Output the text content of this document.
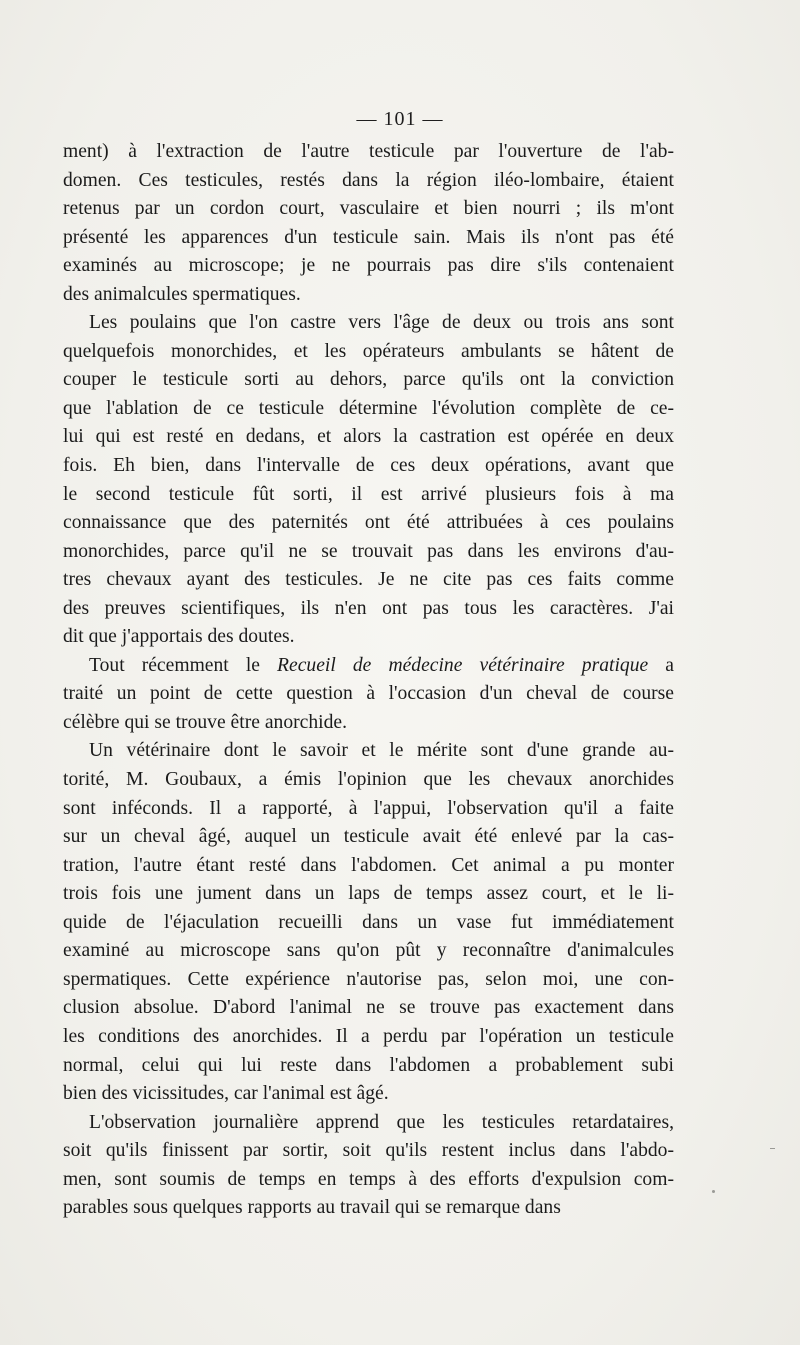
— 101 —

ment) à l'extraction de l'autre testicule par l'ouverture de l'ab-
domen. Ces testicules, restés dans la région iléo-lombaire, étaient
retenus par un cordon court, vasculaire et bien nourri ; ils m'ont
présenté les apparences d'un testicule sain. Mais ils n'ont pas été
examinés au microscope; je ne pourrais pas dire s'ils contenaient
des animalcules spermatiques.

Les poulains que l'on castre vers l'âge de deux ou trois ans sont
quelquefois monorchides, et les opérateurs ambulants se hâtent de
couper le testicule sorti au dehors, parce qu'ils ont la conviction
que l'ablation de ce testicule détermine l'évolution complète de ce-
lui qui est resté en dedans, et alors la castration est opérée en deux
fois. Eh bien, dans l'intervalle de ces deux opérations, avant que
le second testicule fût sorti, il est arrivé plusieurs fois à ma
connaissance que des paternités ont été attribuées à ces poulains
monorchides, parce qu'il ne se trouvait pas dans les environs d'au-
tres chevaux ayant des testicules. Je ne cite pas ces faits comme
des preuves scientifiques, ils n'en ont pas tous les caractères. J'ai
dit que j'apportais des doutes.

Tout récemment le Recueil de médecine vétérinaire pratique a
traité un point de cette question à l'occasion d'un cheval de course
célèbre qui se trouve être anorchide.

Un vétérinaire dont le savoir et le mérite sont d'une grande au-
torité, M. Goubaux, a émis l'opinion que les chevaux anorchides
sont inféconds. Il a rapporté, à l'appui, l'observation qu'il a faite
sur un cheval âgé, auquel un testicule avait été enlevé par la cas-
tration, l'autre étant resté dans l'abdomen. Cet animal a pu monter
trois fois une jument dans un laps de temps assez court, et le li-
quide de l'éjaculation recueilli dans un vase fut immédiatement
examiné au microscope sans qu'on pût y reconnaître d'animalcules
spermatiques. Cette expérience n'autorise pas, selon moi, une con-
clusion absolue. D'abord l'animal ne se trouve pas exactement dans
les conditions des anorchides. Il a perdu par l'opération un testicule
normal, celui qui lui reste dans l'abdomen a probablement subi
bien des vicissitudes, car l'animal est âgé.

L'observation journalière apprend que les testicules retardataires,
soit qu'ils finissent par sortir, soit qu'ils restent inclus dans l'abdo-
men, sont soumis de temps en temps à des efforts d'expulsion com-
parables sous quelques rapports au travail qui se remarque dans
